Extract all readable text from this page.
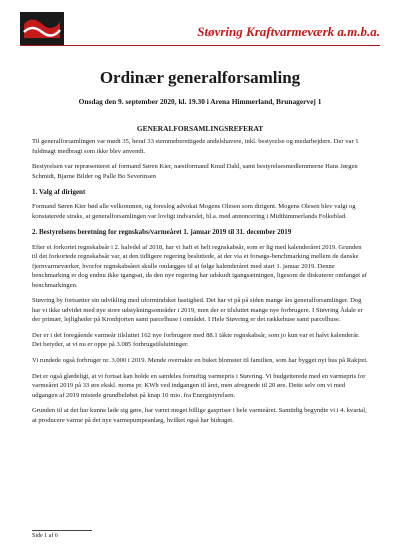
Støvring Kraftvarmeværk a.m.b.a.
Ordinær generalforsamling
Onsdag den 9. september 2020, kl. 19.30 i Arena Himmerland, Brunagervej 1
GENERALFORSAMLINGSREFERAT

Til generalforsamlingen var mødt 35, heraf 33 stemmeberettigede andelshavere, inkl. bestyrelse og medarbejdere. Der var 1 fuldmagt medbragt som ikke blev anvendt.

Bestyrelsen var repræsenteret af formand Søren Kier, næstformand Knud Dahl, samt bestyrelsesmedlemmerne Hans Jørgen Schmidt, Bjarne Bilder og Palle Bo Severinsen

1. Valg af dirigent

Formand Søren Kier bød alle velkommen, og foreslog advokat Mogens Olesen som dirigent. Mogens Olesen blev valgt og konstaterede straks, at generalforsamlingen var lovligt indvarslet, bl.a. med annoncering i Midthimmerlands Folkeblad.

2. Bestyrelsens beretning for regnskabs/varmeåret 1. januar 2019 til 31. december 2019

Efter et forkortet regnskabsår i 2. halvdel af 2018, har vi haft et helt regnskabsår, som er lig med kalenderåret 2019. Grunden til det forkortede regnskabsår var, at den tidligere regering besluttede, at der via et forsøgs-benchmarking mellem de danske fjernvarmeværker, hvorfor regnskabsåret skulle omlægges til at følge kalenderåret med start 1. januar 2019. Denne benchmarking er dog endnu ikke igangsat, da den nye regering har udskudt igangsætningen, ligesom de diskuterer omfanget af benchmarkingen.

Støvring by fortsætter sin udvikling med uformindsket hastighed. Det har vi på på siden mange års generalforsamlinger. Dog har vi ikke udvidet med nye store udstykningsområder i 2019, men der er tilsluttet mange nye forbrugere. I Støvring Ådale er der primær, lejligheder på Kronhjorten samt parcelhuse i området. I Hele Støvring er det rækkehuse samt parcelhuse.

Der er i det foregående varmeår tilsluttet 162 nye forbrugere med 88.1 tåkte regnskabsår, som jo kun var et halvt kalenderår. Det betyder, at vi nu er oppe på 3.085 forbrugstilslutninger.

Vi rundede også forbruger nr. 3.000 i 2019. Mende overrakte en buket blomster til familien, som har bygget nyt hus på Rakjret.

Det er også glædeligt, at vi fortsat kan holde en særdeles fornuftig varmepris i Støvring. Vi budgetterede med en varmepris for varmeåret 2019 på 33 øre ekskl. moms pr. KWh ved indgangen til året, men afregnede til 20 øre. Dette selv om vi med udgangen af 2019 mistede grundbeløbet på knap 10 mio. fra Energistyrelsen.

Grunden til at det har kunne lade sig gøre, har været meget billige gaspriser i hele varmeåret. Samtidig begyndte vi i 4. kvartal, at producere varme på det nye varmepumpeanlæg, hvilket også har bidraget.

Side 1 af 6
